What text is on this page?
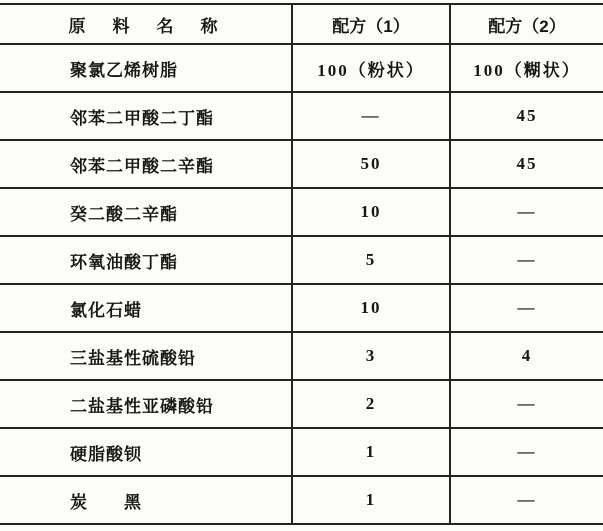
原　料　名　称	配方（1）	配方（2）
聚氯乙烯树脂	100（粉状）	100（糊状）
邻苯二甲酸二丁酯	—	45
邻苯二甲酸二辛酯	50	45
癸二酸二辛酯	10	—
环氧油酸丁酯	5	—
氯化石蜡	10	—
三盐基性硫酸铅	3	4
二盐基性亚磷酸铅	2	—
硬脂酸钡	1	—
炭　　黑	1	—
